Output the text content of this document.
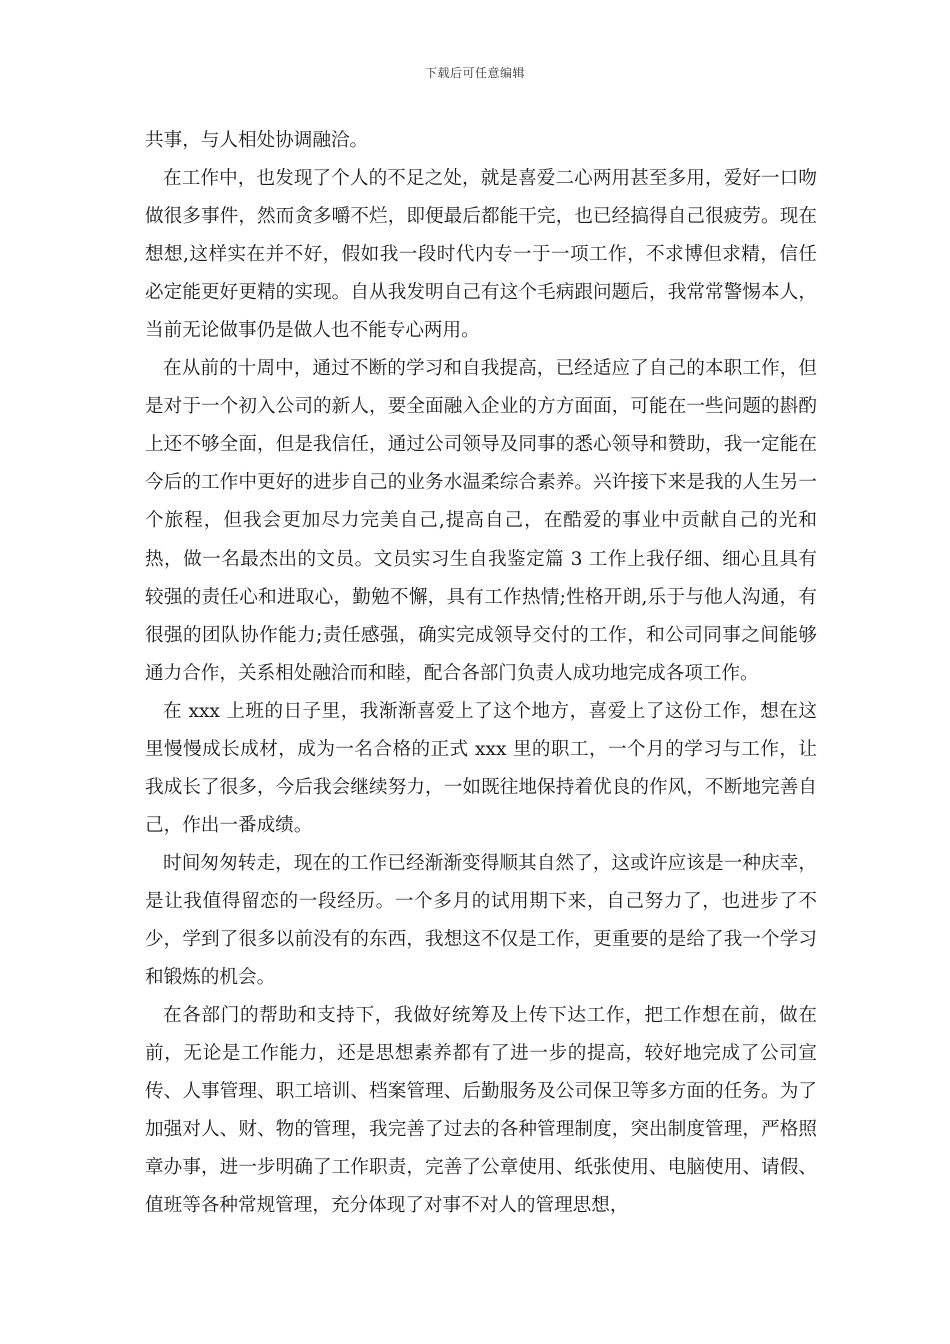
下载后可任意编辑

共事，与人相处协调融洽。

在工作中，也发现了个人的不足之处，就是喜爱二心两用甚至多用，爱好一口吻做很多事件，然而贪多嚼不烂，即便最后都能干完，也已经搞得自己很疲劳。现在想想,这样实在并不好，假如我一段时代内专一于一项工作，不求博但求精，信任必定能更好更精的实现。自从我发明自己有这个毛病跟问题后，我常常警惕本人，当前无论做事仍是做人也不能专心两用。

在从前的十周中，通过不断的学习和自我提高，已经适应了自己的本职工作，但是对于一个初入公司的新人，要全面融入企业的方方面面，可能在一些问题的斟酌上还不够全面，但是我信任，通过公司领导及同事的悉心领导和赞助，我一定能在今后的工作中更好的进步自己的业务水温柔综合素养。兴许接下来是我的人生另一个旅程，但我会更加尽力完美自己,提高自己，在酷爱的事业中贡献自己的光和热，做一名最杰出的文员。文员实习生自我鉴定篇 3 工作上我仔细、细心且具有较强的责任心和进取心，勤勉不懈，具有工作热情;性格开朗,乐于与他人沟通，有很强的团队协作能力;责任感强，确实完成领导交付的工作，和公司同事之间能够通力合作，关系相处融洽而和睦，配合各部门负责人成功地完成各项工作。

在 xxx 上班的日子里，我渐渐喜爱上了这个地方，喜爱上了这份工作，想在这里慢慢成长成材，成为一名合格的正式 xxx 里的职工，一个月的学习与工作，让我成长了很多，今后我会继续努力，一如既往地保持着优良的作风，不断地完善自己，作出一番成绩。

时间匆匆转走，现在的工作已经渐渐变得顺其自然了，这或许应该是一种庆幸，是让我值得留恋的一段经历。一个多月的试用期下来，自己努力了，也进步了不少，学到了很多以前没有的东西，我想这不仅是工作，更重要的是给了我一个学习和锻炼的机会。

在各部门的帮助和支持下，我做好统筹及上传下达工作，把工作想在前，做在前，无论是工作能力，还是思想素养都有了进一步的提高，较好地完成了公司宣传、人事管理、职工培训、档案管理、后勤服务及公司保卫等多方面的任务。为了加强对人、财、物的管理，我完善了过去的各种管理制度，突出制度管理，严格照章办事，进一步明确了工作职责，完善了公章使用、纸张使用、电脑使用、请假、值班等各种常规管理，充分体现了对事不对人的管理思想，
